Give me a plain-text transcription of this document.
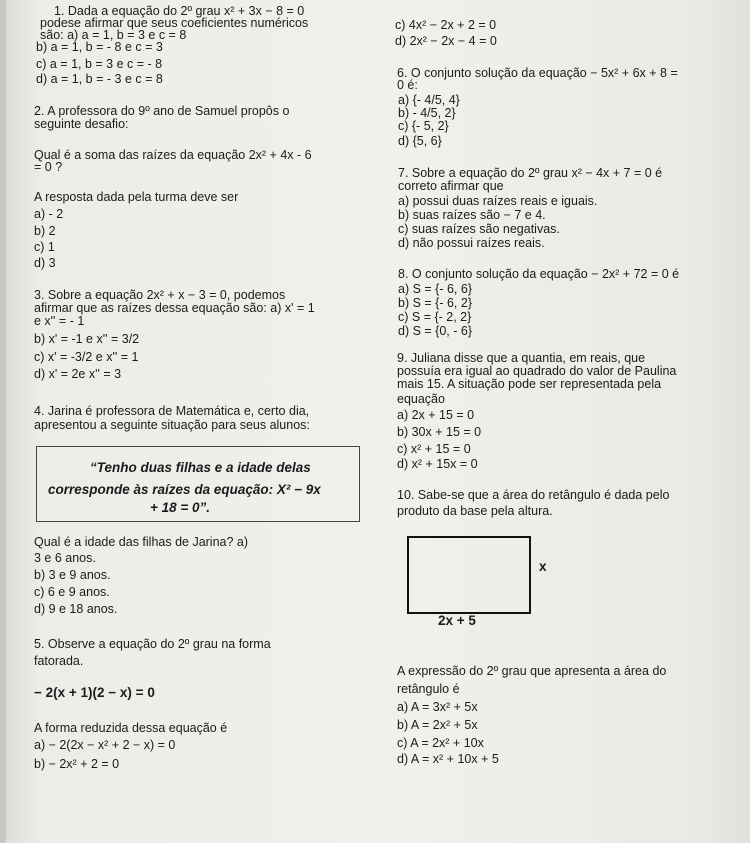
1. Dada a equação do 2º grau x² + 3x − 8 = 0
podese afirmar que seus coeficientes numéricos
são: a) a = 1, b = 3 e c = 8
b) a = 1, b = - 8 e c = 3
c) a = 1, b = 3 e c = - 8
d) a = 1, b = - 3 e c = 8
2. A professora do 9º ano de Samuel propôs o
seguinte desafio:
Qual é a soma das raízes da equação 2x² + 4x - 6
= 0 ?
A resposta dada pela turma deve ser
a) - 2
b) 2
c) 1
d) 3
3. Sobre a equação 2x² + x − 3 = 0, podemos
afirmar que as raízes dessa equação são: a) x' = 1
e x'' = - 1
b) x' = -1 e x'' = 3/2
c) x' = -3/2 e x'' = 1
d) x' = 2e x'' = 3
4. Jarina é professora de Matemática e, certo dia,
apresentou a seguinte situação para seus alunos:
“Tenho duas filhas e a idade delas
corresponde às raízes da equação: X² − 9x
+ 18 = 0”.
Qual é a idade das filhas de Jarina? a)
3 e 6 anos.
b) 3 e 9 anos.
c) 6 e 9 anos.
d) 9 e 18 anos.
5. Observe a equação do 2º grau na forma
fatorada.
− 2(x + 1)(2 − x) = 0
A forma reduzida dessa equação é
a) − 2(2x − x² + 2 − x) = 0
b) − 2x² + 2 = 0
c) 4x² − 2x + 2 = 0
d) 2x² − 2x − 4 = 0
6. O conjunto solução da equação − 5x² + 6x + 8 =
0 é:
a) {- 4/5, 4}
b) - 4/5, 2}
c) {- 5, 2}
d) {5, 6}
7. Sobre a equação do 2º grau x² − 4x + 7 = 0 é
correto afirmar que
a) possui duas raízes reais e iguais.
b) suas raízes são − 7 e 4.
c) suas raízes são negativas.
d) não possui raízes reais.
8. O conjunto solução da equação − 2x² + 72 = 0 é
a) S = {- 6, 6}
b) S = {- 6, 2}
c) S = {- 2, 2}
d) S = {0, - 6}
9. Juliana disse que a quantia, em reais, que
possuía era igual ao quadrado do valor de Paulina
mais 15. A situação pode ser representada pela
equação
a) 2x + 15 = 0
b) 30x + 15 = 0
c) x² + 15 = 0
d) x² + 15x = 0
10. Sabe-se que a área do retângulo é dada pelo
produto da base pela altura.
x
2x + 5
A expressão do 2º grau que apresenta a área do
retângulo é
a) A = 3x² + 5x
b) A = 2x² + 5x
c) A = 2x² + 10x
d) A = x² + 10x + 5
